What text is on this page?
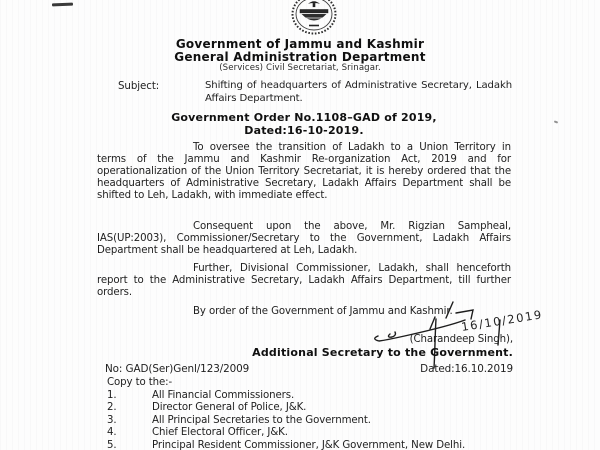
Government of Jammu and Kashmir
General Administration Department
(Services) Civil Secretariat, Srinagar.
Subject:	Shifting of headquarters of Administrative Secretary, Ladakh Affairs Department.
Government Order No.1108–GAD of 2019,
Dated:16-10-2019.
To oversee the transition of Ladakh to a Union Territory in terms of the Jammu and Kashmir Re-organization Act, 2019 and for operationalization of the Union Territory Secretariat, it is hereby ordered that the headquarters of Administrative Secretary, Ladakh Affairs Department shall be shifted to Leh, Ladakh, with immediate effect.
Consequent upon the above, Mr. Rigzian Sampheal, IAS(UP:2003), Commissioner/Secretary to the Government, Ladakh Affairs Department shall be headquartered at Leh, Ladakh.
Further, Divisional Commissioner, Ladakh, shall henceforth report to the Administrative Secretary, Ladakh Affairs Department, till further orders.
By order of the Government of Jammu and Kashmir. 16/10/2019
(Charandeep Singh),
Additional Secretary to the Government.
No: GAD(Ser)Genl/123/2009	Dated:16.10.2019
Copy to the:-
1.	All Financial Commissioners.
2.	Director General of Police, J&K.
3.	All Principal Secretaries to the Government.
4.	Chief Electoral Officer, J&K.
5.	Principal Resident Commissioner, J&K Government, New Delhi.
